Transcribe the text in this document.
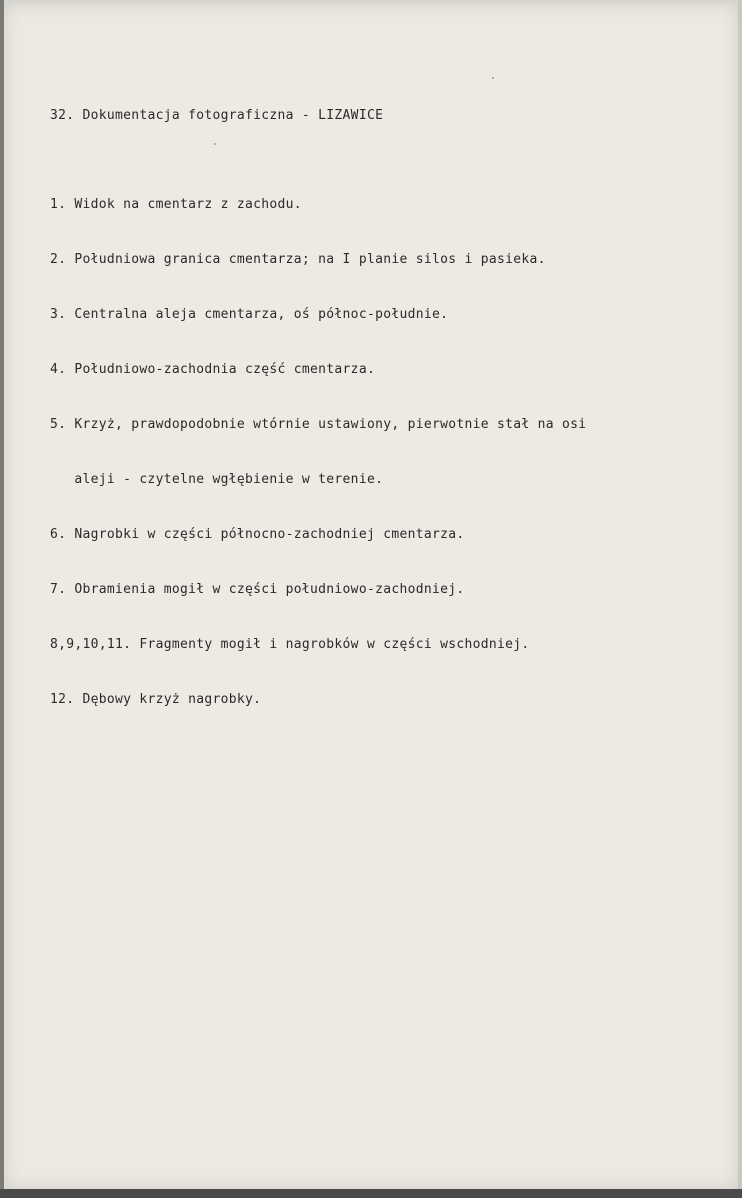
32. Dokumentacja fotograficzna - LIZAWICE

1. Widok na cmentarz z zachodu.

2. Południowa granica cmentarza; na I planie silos i pasieka.

3. Centralna aleja cmentarza, oś północ-południe.

4. Południowo-zachodnia część cmentarza.

5. Krzyż, prawdopodobnie wtórnie ustawiony, pierwotnie stał na osi

aleji - czytelne wgłębienie w terenie.

6. Nagrobki w części północno-zachodniej cmentarza.

7. Obramienia mogił w części południowo-zachodniej.

8,9,10,11. Fragmenty mogił i nagrobków w części wschodniej.

12. Dębowy krzyż nagrobky.
